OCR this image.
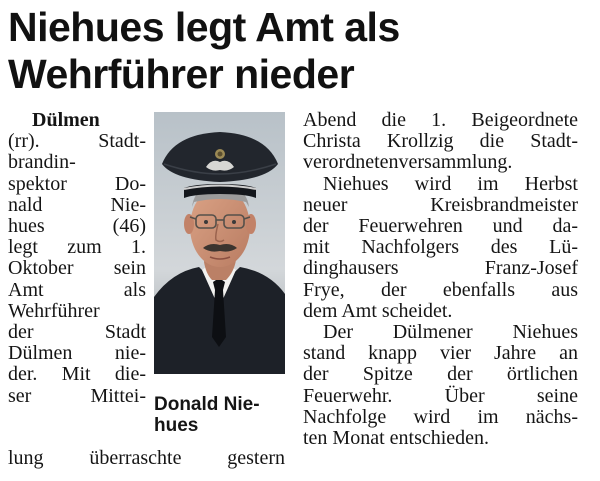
Niehues legt Amt als
Wehrführer nieder
Dülmen
(rr). Stadt-
brandin-
spektor Do-
nald Nie-
hues (46)
legt zum 1.
Oktober sein
Amt als
Wehrführer
der Stadt
Dülmen nie-
der. Mit die-
ser Mittei- Donald Nie-
hues
lung überraschte gestern
Abend die 1. Beigeordnete
Christa Krollzig die Stadt-
verordnetenversammlung.
Niehues wird im Herbst
neuer Kreisbrandmeister
der Feuerwehren und da-
mit Nachfolgers des Lü-
dinghausers Franz-Josef
Frye, der ebenfalls aus
dem Amt scheidet.
Der Dülmener Niehues
stand knapp vier Jahre an
der Spitze der örtlichen
Feuerwehr. Über seine
Nachfolge wird im nächs-
ten Monat entschieden.
